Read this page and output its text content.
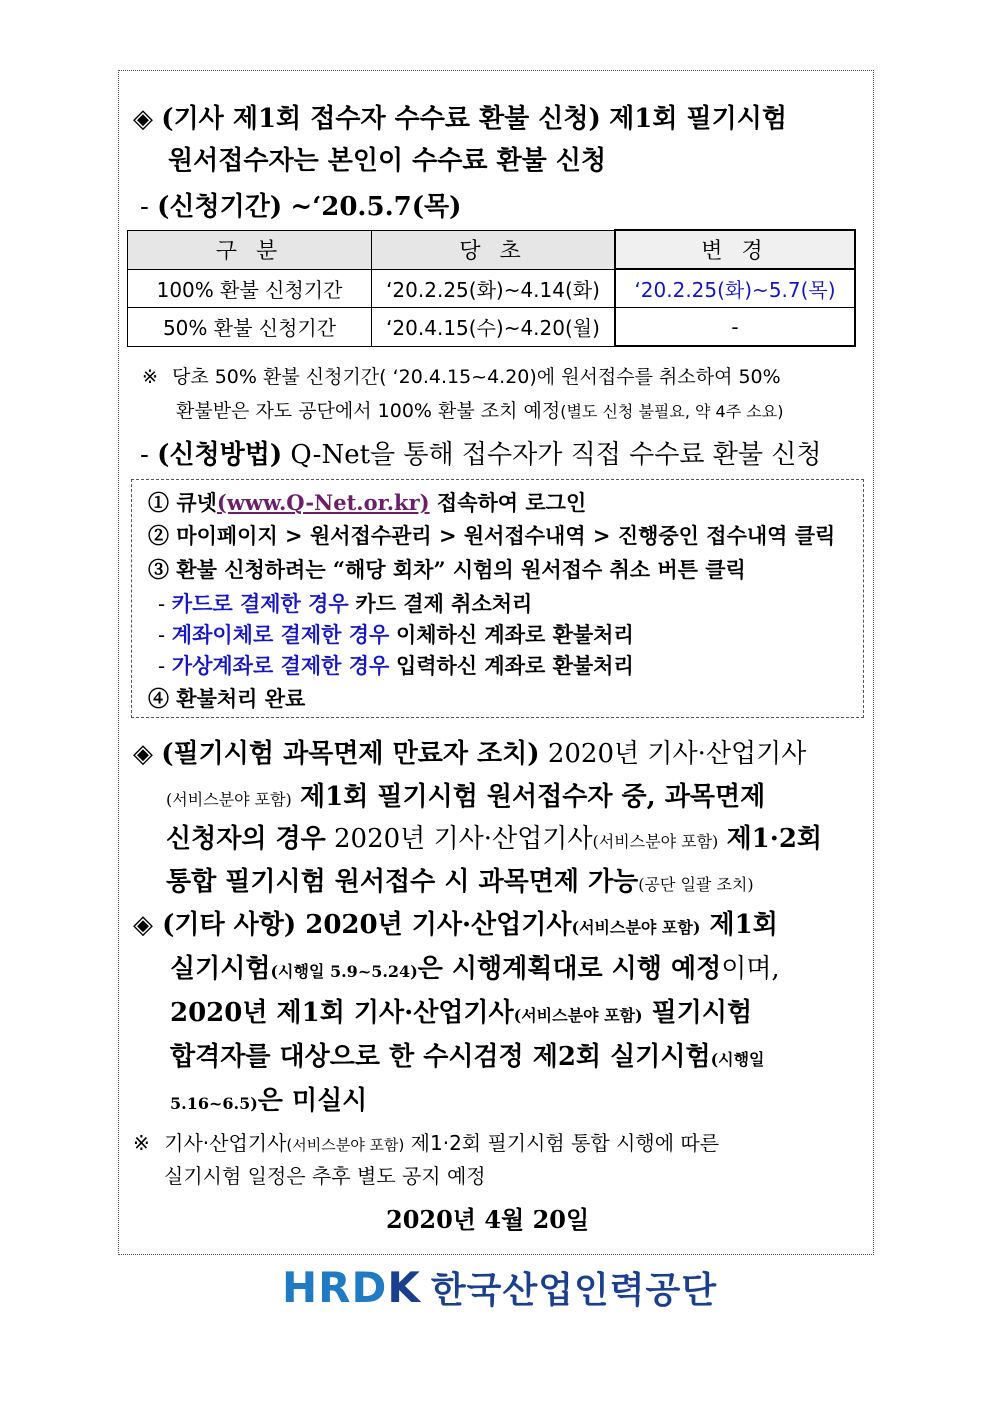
◈ (기사 제1회 접수자 수수료 환불 신청) 제1회 필기시험
원서접수자는 본인이 수수료 환불 신청
- (신청기간) ~‘20.5.7(목)
구 분	당 초	변 경
100% 환불 신청기간	‘20.2.25(화)~4.14(화)	‘20.2.25(화)~5.7(목)
50% 환불 신청기간	‘20.4.15(수)~4.20(월)	-
※ 당초 50% 환불 신청기간( ‘20.4.15~4.20)에 원서접수를 취소하여 50%
환불받은 자도 공단에서 100% 환불 조치 예정(별도 신청 불필요, 약 4주 소요)
- (신청방법) Q-Net을 통해 접수자가 직접 수수료 환불 신청
① 큐넷(www.Q-Net.or.kr) 접속하여 로그인
② 마이페이지 > 원서접수관리 > 원서접수내역 > 진행중인 접수내역 클릭
③ 환불 신청하려는 “해당 회차” 시험의 원서접수 취소 버튼 클릭
- 카드로 결제한 경우 카드 결제 취소처리
- 계좌이체로 결제한 경우 이체하신 계좌로 환불처리
- 가상계좌로 결제한 경우 입력하신 계좌로 환불처리
④ 환불처리 완료
◈ (필기시험 과목면제 만료자 조치) 2020년 기사·산업기사
(서비스분야 포함) 제1회 필기시험 원서접수자 중, 과목면제
신청자의 경우 2020년 기사·산업기사(서비스분야 포함) 제1·2회
통합 필기시험 원서접수 시 과목면제 가능(공단 일괄 조치)
◈ (기타 사항) 2020년 기사·산업기사(서비스분야 포함) 제1회
실기시험(시행일 5.9~5.24)은 시행계획대로 시행 예정이며,
2020년 제1회 기사·산업기사(서비스분야 포함) 필기시험
합격자를 대상으로 한 수시검정 제2회 실기시험(시행일
5.16~6.5)은 미실시
※ 기사·산업기사(서비스분야 포함) 제1·2회 필기시험 통합 시행에 따른
실기시험 일정은 추후 별도 공지 예정
2020년 4월 20일
HRDK 한국산업인력공단
